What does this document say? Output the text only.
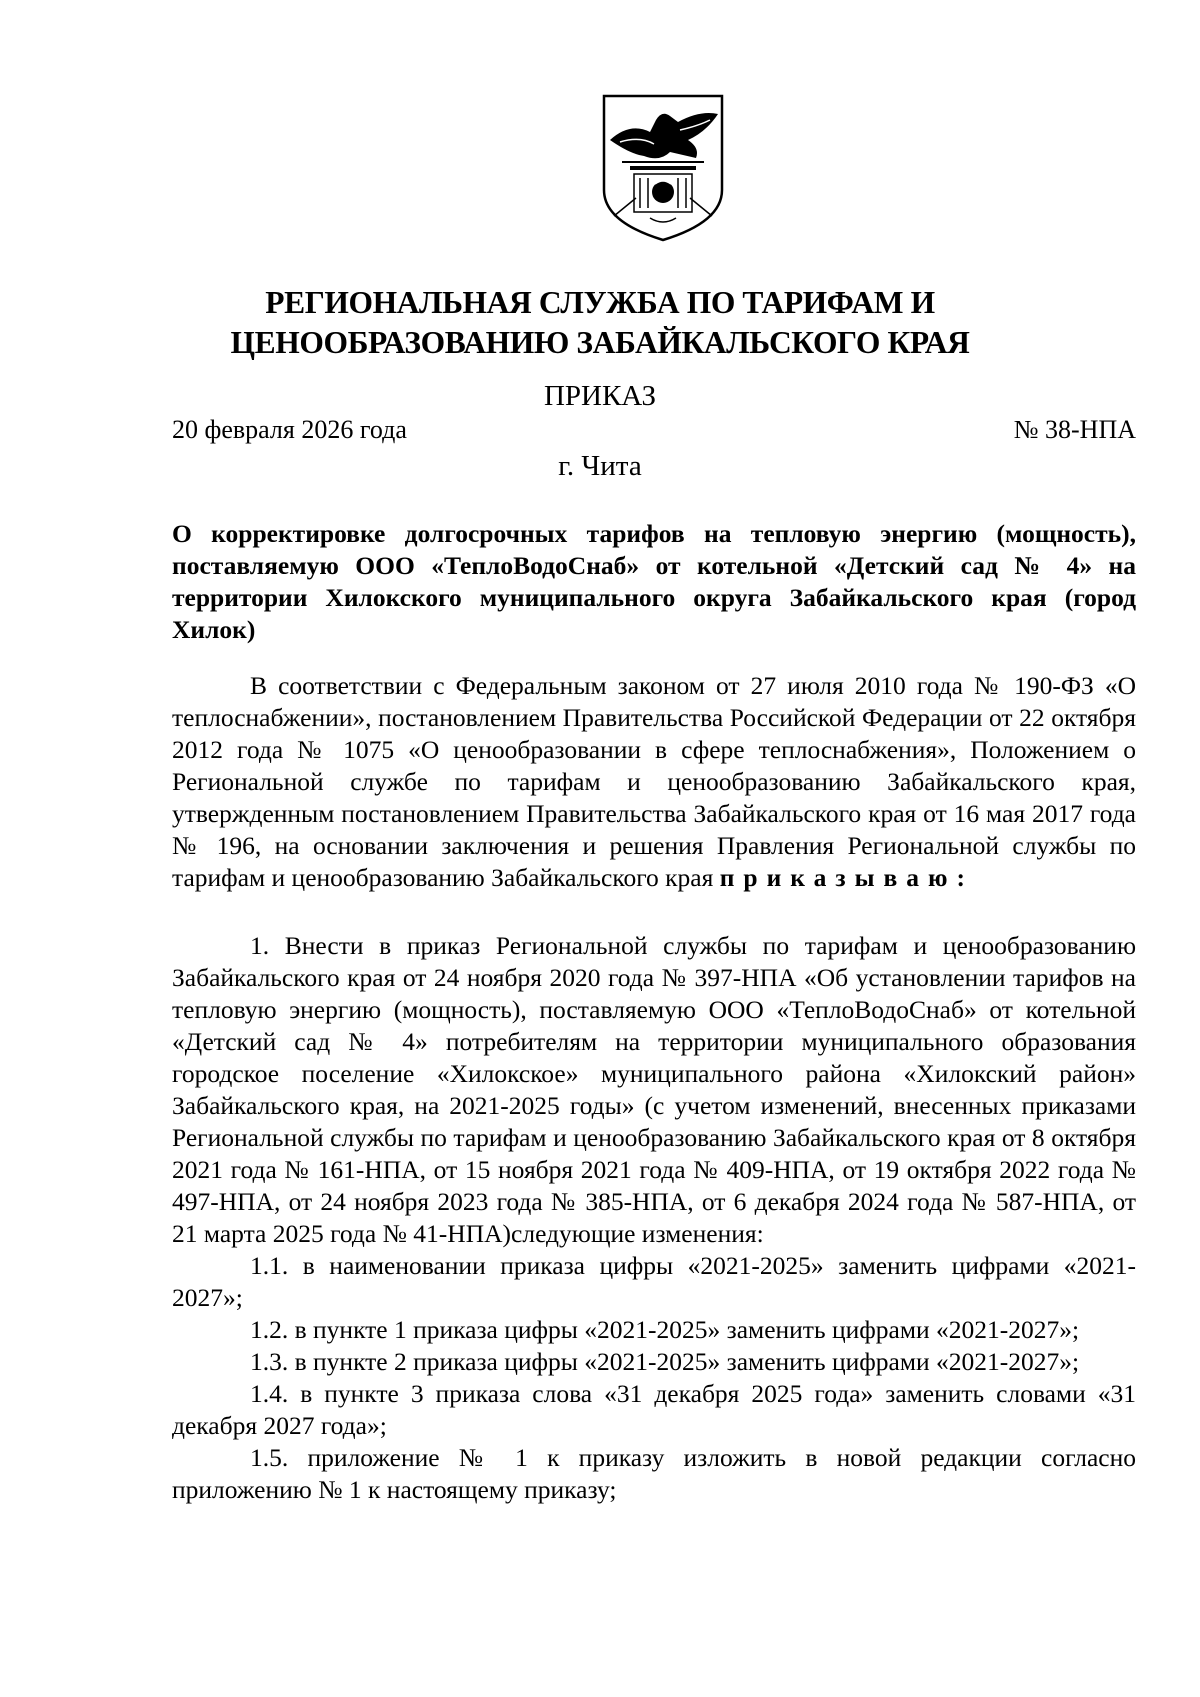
РЕГИОНАЛЬНАЯ СЛУЖБА ПО ТАРИФАМ И
ЦЕНООБРАЗОВАНИЮ ЗАБАЙКАЛЬСКОГО КРАЯ
ПРИКАЗ
20 февраля 2026 года	№ 38-НПА
г. Чита
О корректировке долгосрочных тарифов на тепловую энергию (мощность), поставляемую ООО «ТеплоВодоСнаб» от котельной «Детский сад № 4» на территории Хилокского муниципального округа Забайкальского края (город Хилок)

В соответствии с Федеральным законом от 27 июля 2010 года № 190-ФЗ «О теплоснабжении», постановлением Правительства Российской Федерации от 22 октября 2012 года № 1075 «О ценообразовании в сфере теплоснабжения», Положением о Региональной службе по тарифам и ценообразованию Забайкальского края, утвержденным постановлением Правительства Забайкальского края от 16 мая 2017 года № 196, на основании заключения и решения Правления Региональной службы по тарифам и ценообразованию Забайкальского края приказываю:

1. Внести в приказ Региональной службы по тарифам и ценообразованию Забайкальского края от 24 ноября 2020 года № 397-НПА «Об установлении тарифов на тепловую энергию (мощность), поставляемую ООО «ТеплоВодоСнаб» от котельной «Детский сад № 4» потребителям на территории муниципального образования городское поселение «Хилокское» муниципального района «Хилокский район» Забайкальского края, на 2021-2025 годы» (с учетом изменений, внесенных приказами Региональной службы по тарифам и ценообразованию Забайкальского края от 8 октября 2021 года № 161-НПА, от 15 ноября 2021 года № 409-НПА, от 19 октября 2022 года № 497-НПА, от 24 ноября 2023 года № 385-НПА, от 6 декабря 2024 года № 587-НПА, от 21 марта 2025 года № 41-НПА)следующие изменения:

1.1. в наименовании приказа цифры «2021-2025» заменить цифрами «2021-2027»;

1.2. в пункте 1 приказа цифры «2021-2025» заменить цифрами «2021-2027»;

1.3. в пункте 2 приказа цифры «2021-2025» заменить цифрами «2021-2027»;

1.4. в пункте 3 приказа слова «31 декабря 2025 года» заменить словами «31 декабря 2027 года»;

1.5. приложение № 1 к приказу изложить в новой редакции согласно приложению № 1 к настоящему приказу;
